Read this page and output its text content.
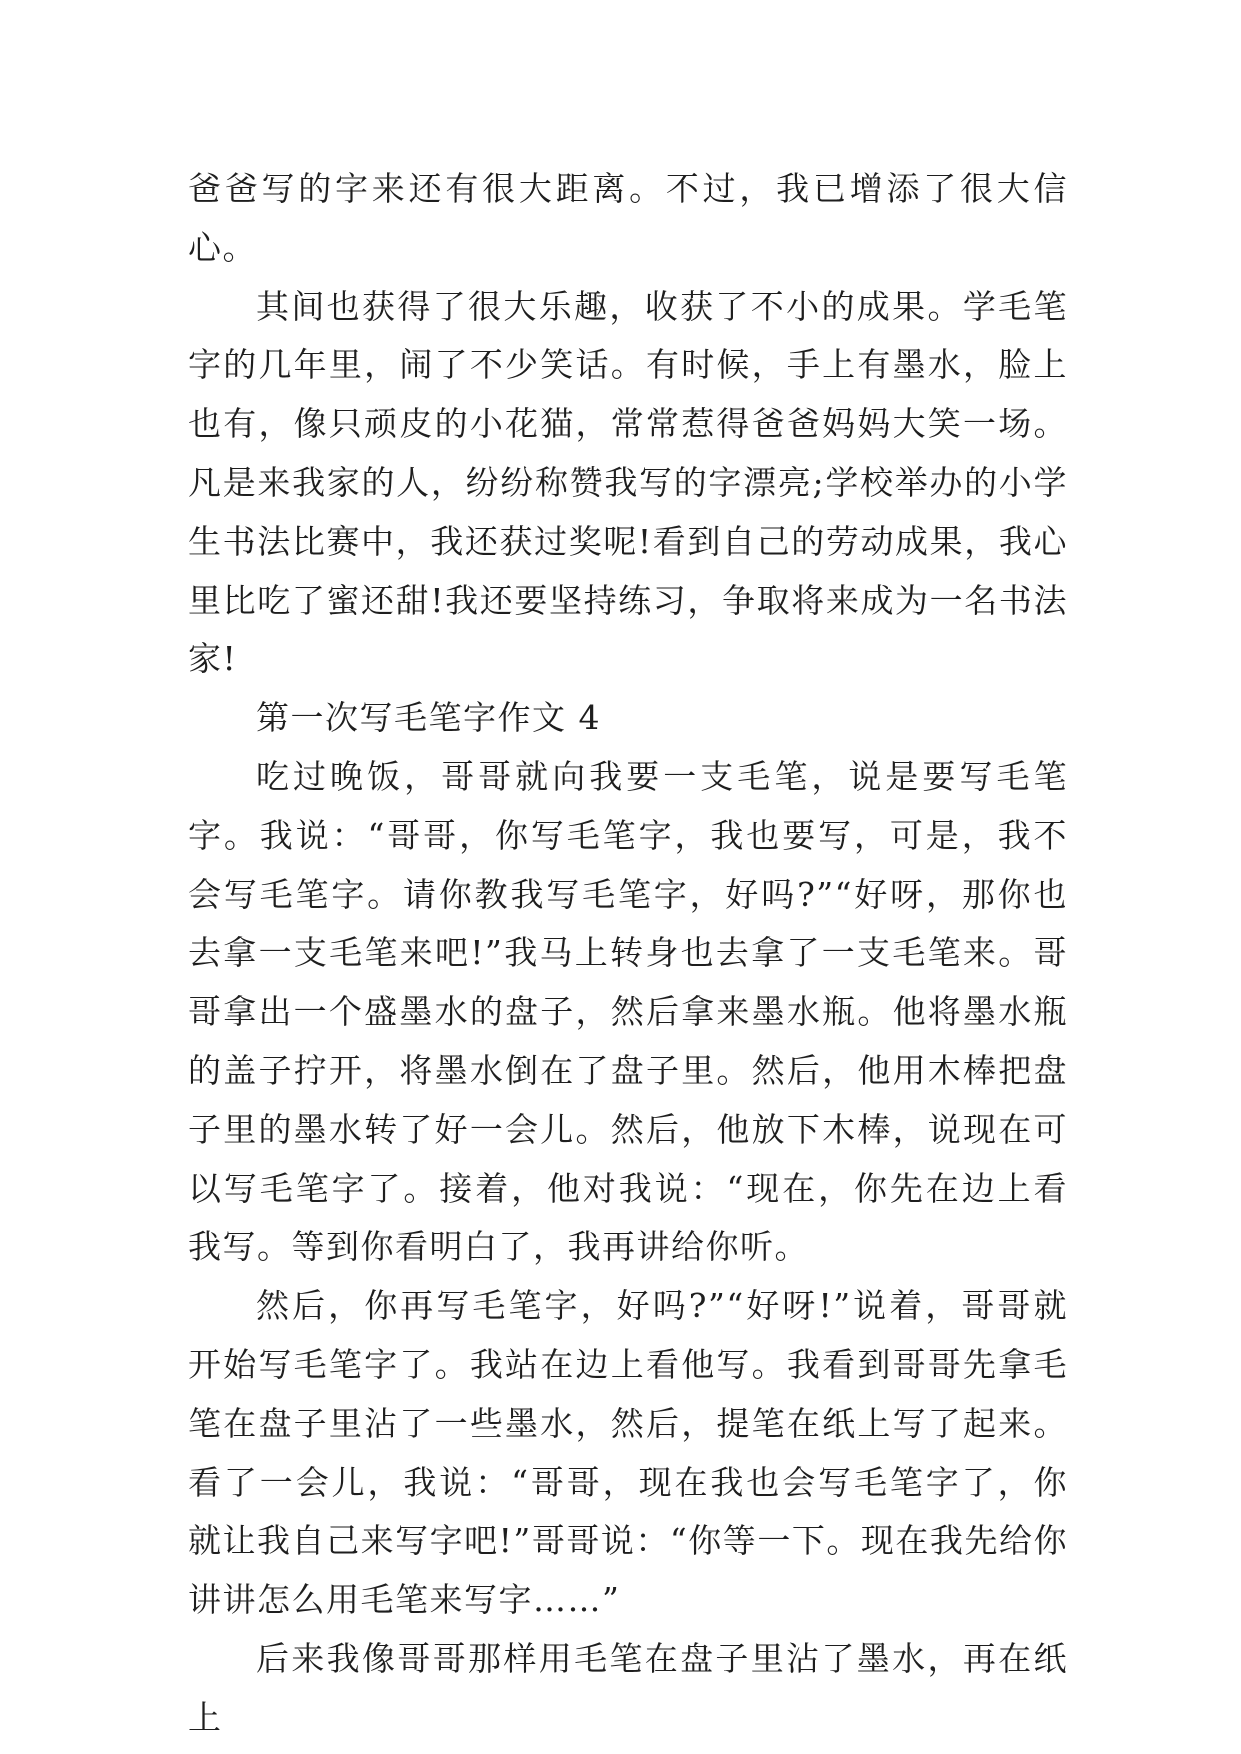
爸爸写的字来还有很大距离。不过，我已增添了很大信心。

其间也获得了很大乐趣，收获了不小的成果。学毛笔字的几年里，闹了不少笑话。有时候，手上有墨水，脸上也有，像只顽皮的小花猫，常常惹得爸爸妈妈大笑一场。凡是来我家的人，纷纷称赞我写的字漂亮;学校举办的小学生书法比赛中，我还获过奖呢!看到自己的劳动成果，我心里比吃了蜜还甜!我还要坚持练习，争取将来成为一名书法家!

第一次写毛笔字作文 4

吃过晚饭，哥哥就向我要一支毛笔，说是要写毛笔字。我说：“哥哥，你写毛笔字，我也要写，可是，我不会写毛笔字。请你教我写毛笔字，好吗?”“好呀，那你也去拿一支毛笔来吧!”我马上转身也去拿了一支毛笔来。哥哥拿出一个盛墨水的盘子，然后拿来墨水瓶。他将墨水瓶的盖子拧开，将墨水倒在了盘子里。然后，他用木棒把盘子里的墨水转了好一会儿。然后，他放下木棒，说现在可以写毛笔字了。接着，他对我说：“现在，你先在边上看我写。等到你看明白了，我再讲给你听。

然后，你再写毛笔字，好吗?”“好呀!”说着，哥哥就开始写毛笔字了。我站在边上看他写。我看到哥哥先拿毛笔在盘子里沾了一些墨水，然后，提笔在纸上写了起来。看了一会儿，我说：“哥哥，现在我也会写毛笔字了，你就让我自己来写字吧!”哥哥说：“你等一下。现在我先给你讲讲怎么用毛笔来写字……”

后来我像哥哥那样用毛笔在盘子里沾了墨水，再在纸上
